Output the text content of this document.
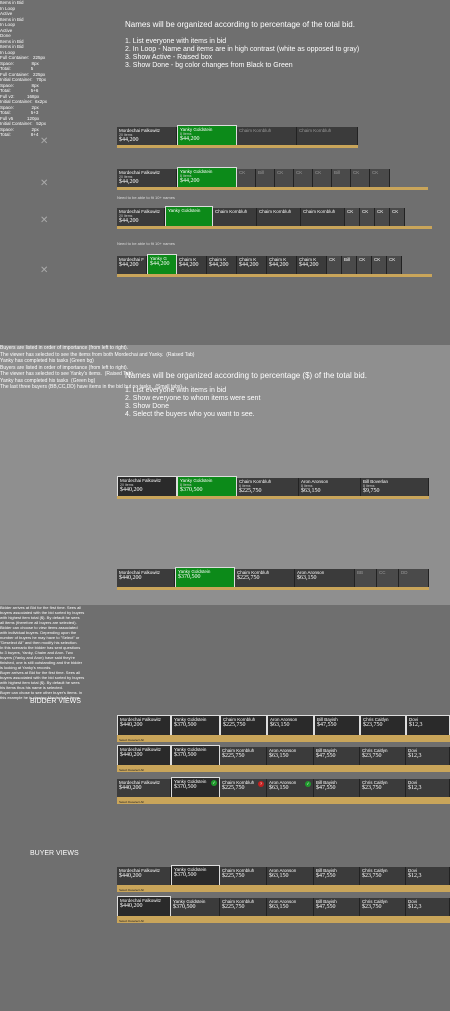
Names will be organized according to percentage of the total bid.
1. List everyone with items in bid
2. In Loop - Name and items are in high contrast (white as opposed to gray)
3. Show Active - Raised box
3. Show Done - bg color changes from Black to Green
Items in Bid
In Loop
Active
Items in Bid
In Loop
Active
Done
Items in Bid
Items in Bid
In Loop
Full Container:   225px
Space:              8px
Total:                5
✕
Mordechai Falkowitz
20 Items
$44,200
Yanky Goldstein
8 Items
$44,200
Chaim Kornbluh	Chaim Kornbluh
Full Container:   225px
Initial Container:   70px
Space:              8px
Total:                5+6
✕
Mordechai Falkowitz
20 Items
$44,200
Yanky Goldstein
8 Items
$44,200
CK	Bill	CK	CK	CK	Bill	CK	CK
Need to be able to fit 10+ names
Full v2:          168px
Initial Container:  6x2px
Space:              2px
Total:                5+3
✕
Mordechai Falkowitz
20 Items
$44,200
Yanky Goldstein	Chaim Kornbluh	Chaim Kornbluh	Chaim Kornbluh	CK	CK	CK	CK
Need to be able to fit 10+ names
Full v5           120px
Initial Container:   52px
Space:              2px
Total:                8+4
✕
Mordechai F
$44,200
Yanky G
$44,200
Chaim K
$44,200
Chaim K
$44,200
Chaim K
$44,200
Chaim K
$44,200
Chaim K
$44,200
CK	Bill	CK	CK	CK
Names will be organized according to percentage ($) of the total bid.
1. List everyone with items in bid
2. Show everyone to whom items were sent
3. Show Done
4. Select the buyers who you want to see.
Buyers are listed in order of importance (from left to right).
The viewer has selected to see the items from both Mordechai and Yanky.  (Raised Tab)
Yanky has completed his tasks (Green bg)
Mordechai Falkowitz
20 Items
$440,200
Yanky Goldstein
8 Items
$370,500
Chaim Kornbluh
8 Items
$225,750
Aron Aronson
8 Items
$63,150
Bill Boverlan
8 Items
$9,750
Buyers are listed in order of importance (from left to right).
The viewer has selected to see Yanky's items.  (Raised Tab)
Yanky has completed his tasks  (Green bg)
The last three buyers (BB,CC,DD) have items in the bid but no tasks.  (Small tabs)
Mordechai Falkowitz
$440,200
Yanky Goldstein
$370,500
Chaim Kornbluh
$225,750
Aron Aronson
$63,150
BB	CC	DD
BIDDER VIEWS
Bidder arrives at Bid for the first time. Sees all
buyers associated with the bid sorted by buyers
with highest item total ($). By default he sees
all items (therefore all buyers are selected).
Mordechai Falkowitz
$440,200
Yanky Goldstein
$370,500
Chaim Kornbluh
$225,750
Aron Aronson
$63,150
Bill Bayish
$47,550
Chris Caitlyn
$23,750
Dovi
$12,3
Select Deselect All
Bidder can choose to view items associated
with individual buyers. Depending upon the
number of buyers he may have to "Select" or
"Deselect All" and then modify his selection.
Mordechai Falkowitz
$440,200
Yanky Goldstein
$370,500
Chaim Kornbluh
$225,750
Aron Aronson
$63,150
Bill Bayish
$47,550
Chris Caitlyn
$23,750
Dovi
$12,3
Select Deselect All
In this scenario the bidder has sent questions
to 3 buyers, Yanky, Chaim and Aron. Two
buyers (Yanky and Aron) have said they're
finished, one is still outstanding and the bidder
is looking at Yanky's records.
Mordechai Falkowitz
$440,200
Yanky Goldstein
$370,500
✓ Chaim Kornbluh
$225,750
?	Aron Aronson
$63,150
✓ Bill Bayish
$47,550
Chris Caitlyn
$23,750
Dovi
$12,3
Select Deselect All
BUYER VIEWS
Buyer arrives at Bid for the first time. Sees all
buyers associated with the bid sorted by buyers
with highest item total ($). By default he sees
his items thus his name is selected.
Mordechai Falkowitz
$440,200
Yanky Goldstein
$370,500
Chaim Kornbluh
$225,750
Aron Aronson
$63,150
Bill Bayish
$47,550
Chris Caitlyn
$23,750
Dovi
$12,3
Select Deselect All
Buyer can chose to see other buyer's items. In
this example he is viewing Mordechai's items.
Mordechai Falkowitz
$440,200
Yanky Goldstein
$370,500
Chaim Kornbluh
$225,750
Aron Aronson
$63,150
Bill Bayish
$47,550
Chris Caitlyn
$23,750
Dovi
$12,3
Select Deselect All
